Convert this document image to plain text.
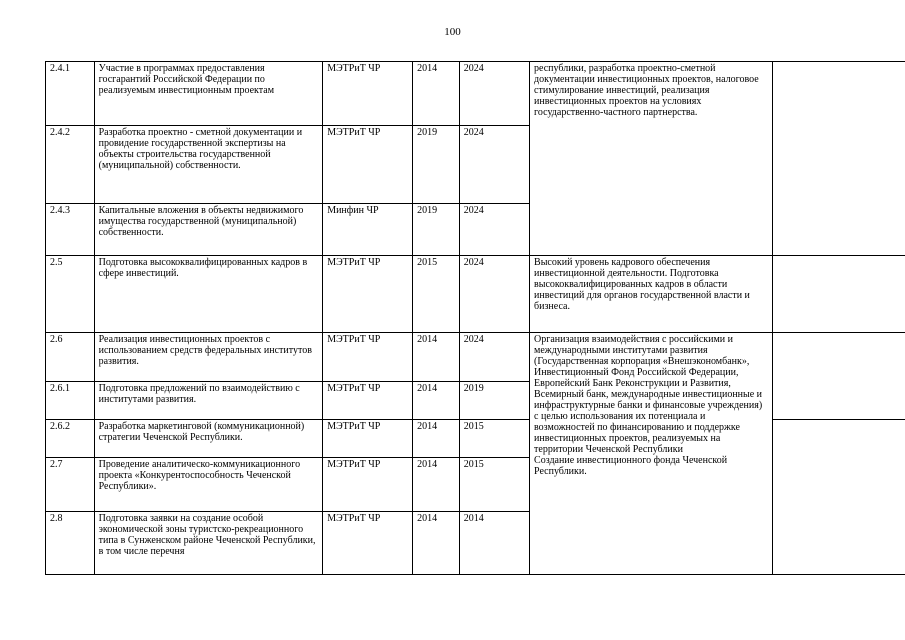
100
2.4.1	Участие в программах предоставления госгарантий Российской Федерации по реализуемым инвестиционным проектам	МЭТРиТ ЧР	2014	2024	республики, разработка проектно-сметной документации инвестиционных проектов, налоговое стимулирование инвестиций, реализация инвестиционных проектов на условиях государственно-частного партнерства.	
2.4.2	Разработка проектно - сметной документации и провидение государственной экспертизы на объекты строительства государственной (муниципальной) собственности.	МЭТРиТ ЧР	2019	2024		
2.4.3	Капитальные вложения в объекты недвижимого имущества государственной (муниципальной) собственности.	Минфин ЧР	2019	2024		
2.5	Подготовка высококвалифицированных кадров в сфере инвестиций.	МЭТРиТ ЧР	2015	2024	Высокий уровень кадрового обеспечения инвестиционной деятельности. Подготовка высококвалифицированных кадров в области инвестиций для органов государственной власти и бизнеса.	
2.6	Реализация инвестиционных проектов с использованием средств федеральных институтов развития.	МЭТРиТ ЧР	2014	2024	Организация взаимодействия с российскими и международными институтами развития (Государственная корпорация «Внешэкономбанк», Инвестиционный Фонд Российской Федерации, Европейский Банк Реконструкции и Развития, Всемирный банк, международные инвестиционные и инфраструктурные банки и финансовые учреждения) с целью использования их потенциала и возможностей по финансированию и поддержке инвестиционных проектов, реализуемых на территории Чеченской Республики
Создание инвестиционного фонда Чеченской Республики.	

2.6.1	Подготовка предложений по взаимодействию с институтами развития.	МЭТРиТ ЧР	2014	2019		
2.6.2	Разработка маркетинговой (коммуникационной) стратегии Чеченской Республики.	МЭТРиТ ЧР	2014	2015		
2.7	Проведение аналитическо-коммуникационного проекта «Конкурентоспособность Чеченской Республики».	МЭТРиТ ЧР	2014	2015		
2.8	Подготовка заявки на создание особой экономической зоны туристско-рекреационного типа в Сунженском районе Чеченской Республики, в том числе перечня	МЭТРиТ ЧР	2014	2014		
